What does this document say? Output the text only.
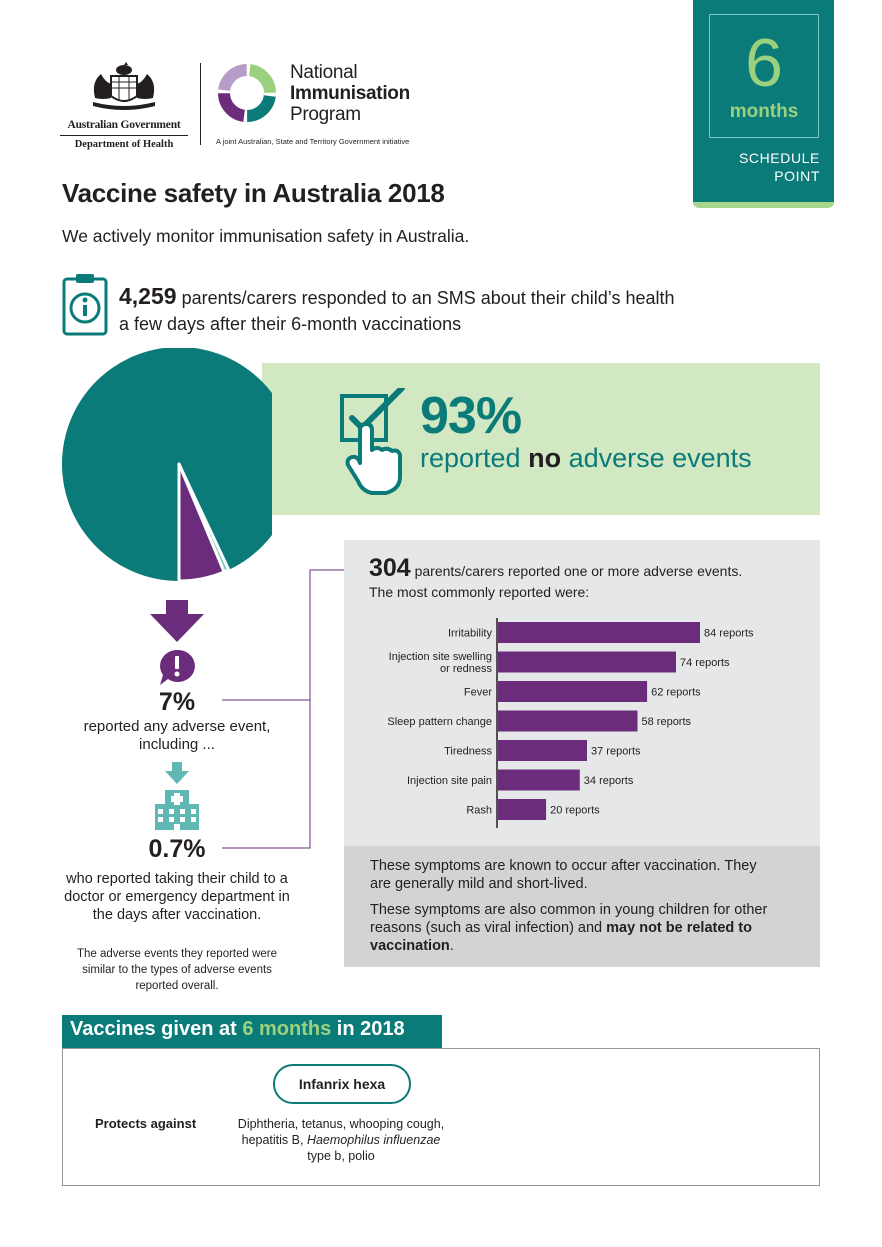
Australian Government
Department of Health
National
Immunisation
Program
A joint Australian, State and Territory Government initiative
6
months
SCHEDULE
POINT
Vaccine safety in Australia 2018

We actively monitor immunisation safety in Australia.

4,259 parents/carers responded to an SMS about their child’s health a few days after their 6-month vaccinations

93%
reported no adverse events
7%
reported any adverse event, including ...
0.7%
who reported taking their child to a doctor or emergency department in the days after vaccination.
The adverse events they reported were similar to the types of adverse events reported overall.
304 parents/carers reported one or more adverse events.
The most commonly reported were:
Irritability	84 reports
Injection site swelling
or redness	74 reports
Fever	62 reports
Sleep pattern change	58 reports
Tiredness	37 reports
Injection site pain	34 reports
Rash	20 reports

These symptoms are known to occur after vaccination. They are generally mild and short-lived.

These symptoms are also common in young children for other reasons (such as viral infection) and may not be related to vaccination.

Vaccines given at 6 months in 2018
Infanrix hexa
Protects against	Diphtheria, tetanus, whooping cough, hepatitis B, Haemophilus influenzae type b, polio
